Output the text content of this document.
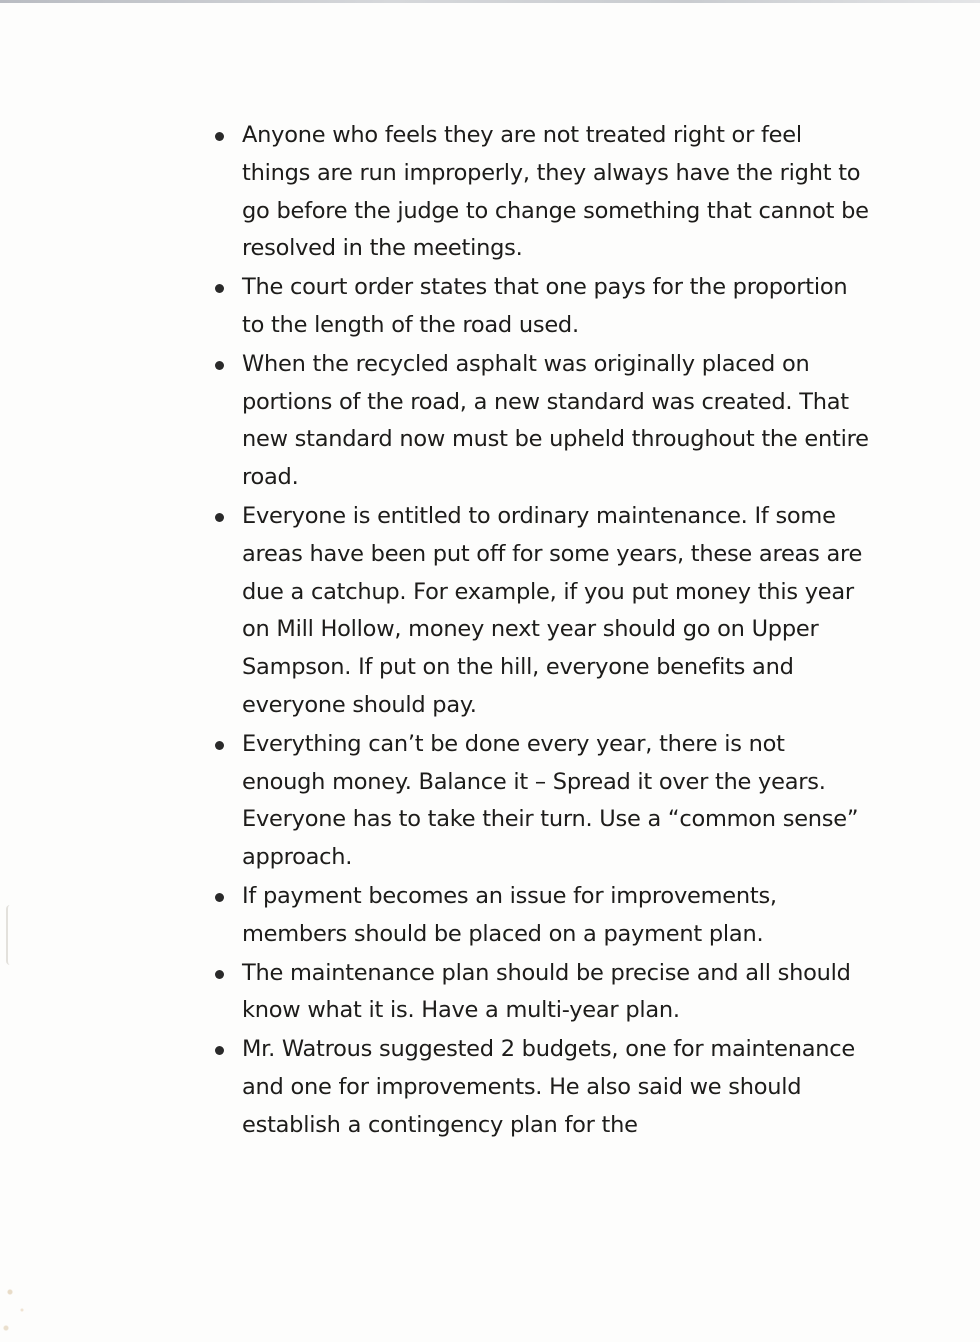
Anyone who feels they are not treated right or feel things are run improperly, they always have the right to go before the judge to change something that cannot be resolved in the meetings.
The court order states that one pays for the proportion to the length of the road used.
When the recycled asphalt was originally placed on portions of the road, a new standard was created. That new standard now must be upheld throughout the entire road.
Everyone is entitled to ordinary maintenance. If some areas have been put off for some years, these areas are due a catchup. For example, if you put money this year on Mill Hollow, money next year should go on Upper Sampson. If put on the hill, everyone benefits and everyone should pay.
Everything can’t be done every year, there is not enough money. Balance it – Spread it over the years. Everyone has to take their turn. Use a “common sense” approach.
If payment becomes an issue for improvements, members should be placed on a payment plan.
The maintenance plan should be precise and all should know what it is. Have a multi-year plan.
Mr. Watrous suggested 2 budgets, one for maintenance and one for improvements. He also said we should establish a contingency plan for the
